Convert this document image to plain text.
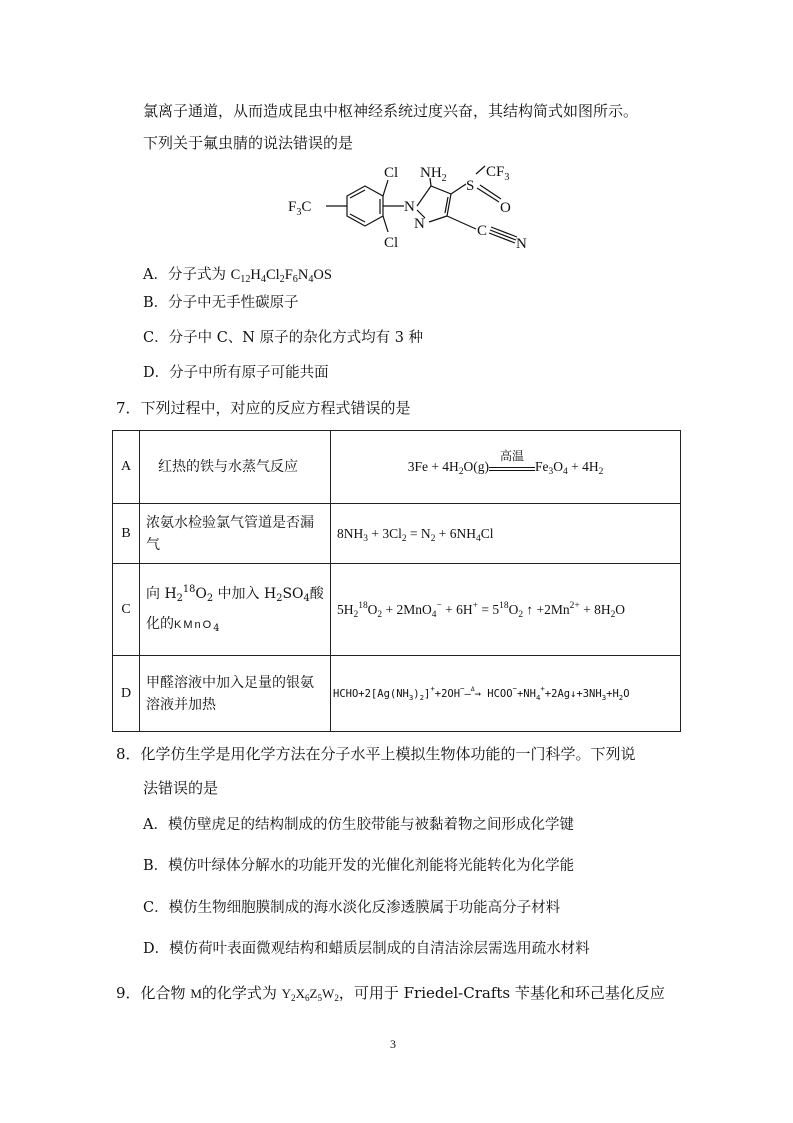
氯离子通道，从而造成昆虫中枢神经系统过度兴奋，其结构简式如图所示。
下列关于氟虫腈的说法错误的是
Cl $NH_2$	$CF_3$
S
O
$F_3C$	N
N	C
N
Cl
A．分子式为 $C_{12}H_4Cl_2F_6N_4OS$
B．分子中无手性碳原子
C．分子中 C、N 原子的杂化方式均有 3 种
D．分子中所有原子可能共面
7．下列过程中，对应的反应方程式错误的是
A	红热的铁与水蒸气反应	$3Fe + 4H_2O(g)$
高温
$Fe_3O_4 + 4H_2$
B	浓氨水检验氯气管道是否漏气	$8NH_3 + 3Cl_2 = N_2 + 6NH_4Cl$
C	向 $H_2^{18}O_2$ 中加入 $H_2SO_4$酸化的KMnO$_4$	$5H_2^{18}O_2 + 2MnO_4^- + 6H^+ = 5^{18}O_2$ ↑ $+2Mn^{2+} + 8H_2O$
D	甲醛溶液中加入足量的银氨溶液并加热	$HCHO+2[Ag(NH_3)_2]^++2OH^--^\Delta\to$ $HCOO^-+NH_4^++2Ag↓+3NH_3+H_2O$
8．化学仿生学是用化学方法在分子水平上模拟生物体功能的一门科学。下列说
法错误的是
A．模仿壁虎足的结构制成的仿生胶带能与被黏着物之间形成化学键
B．模仿叶绿体分解水的功能开发的光催化剂能将光能转化为化学能
C．模仿生物细胞膜制成的海水淡化反渗透膜属于功能高分子材料
D．模仿荷叶表面微观结构和蜡质层制成的自清洁涂层需选用疏水材料
9．化合物 M的化学式为 $Y_2X_6Z_5W_2$，可用于 Friedel-Crafts 苄基化和环己基化反应
3
